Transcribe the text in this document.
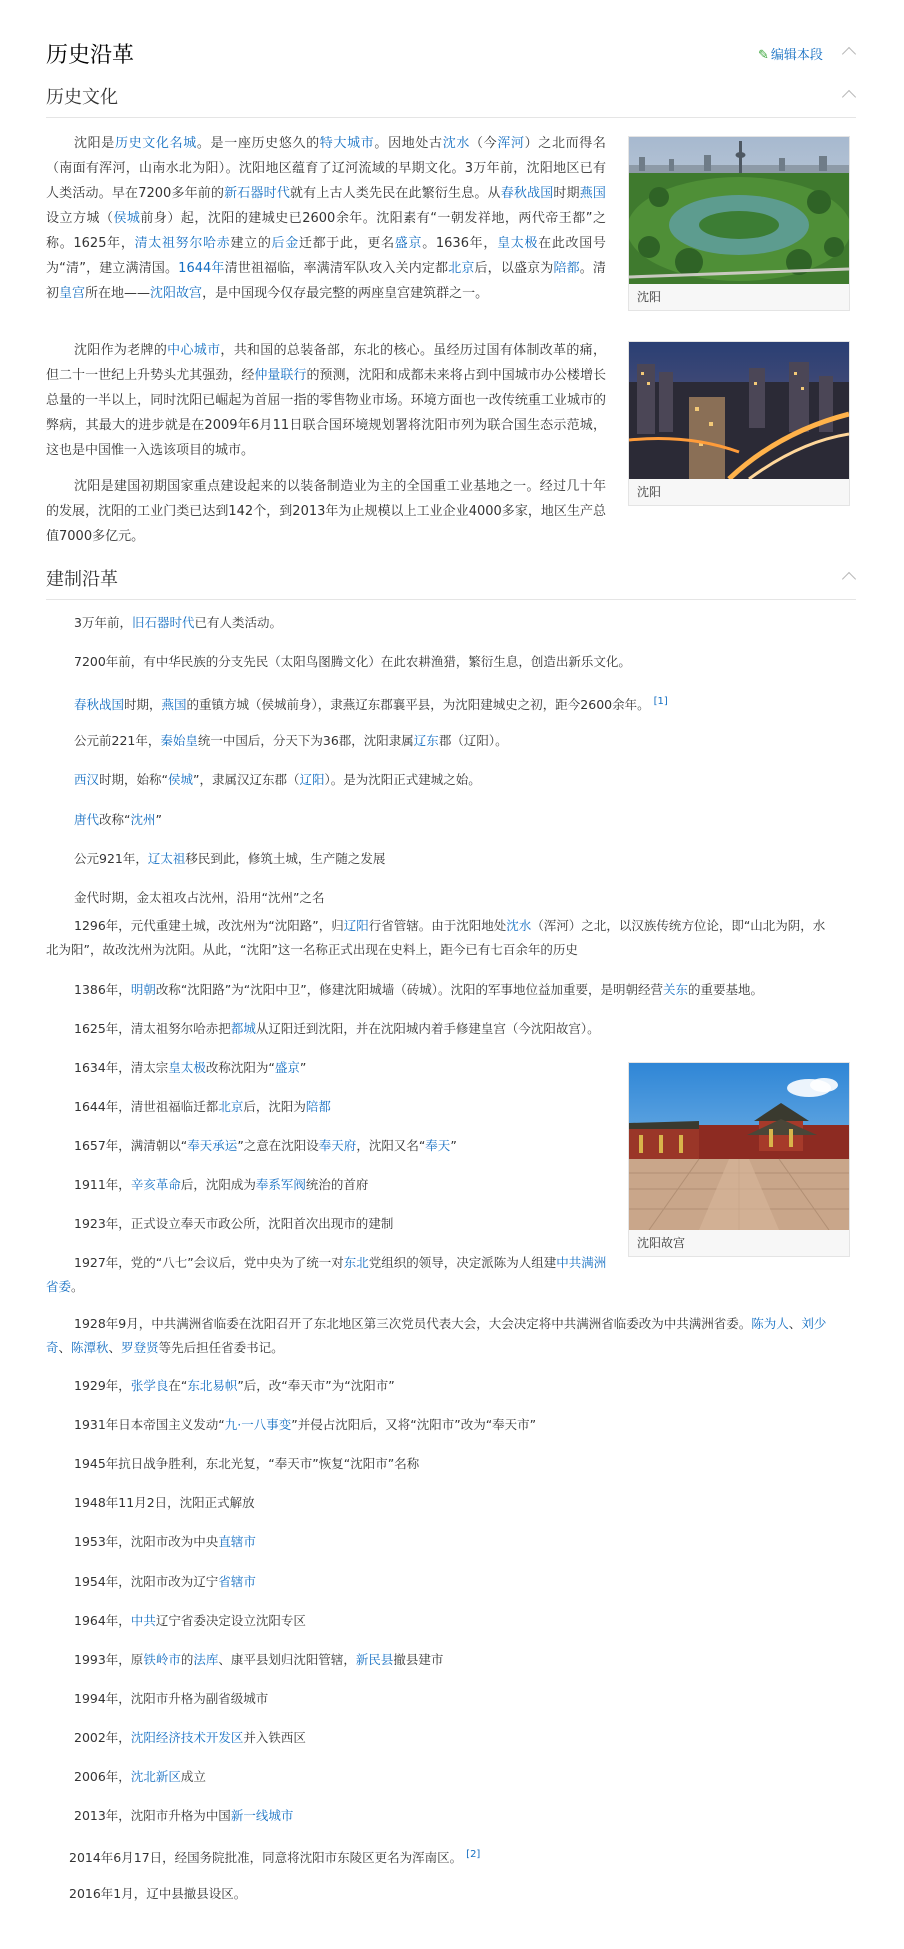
历史沿革	✎ 编辑本段
历史文化

沈阳是历史文化名城。是一座历史悠久的特大城市。因地处古沈水（今浑河）之北而得名（南面有浑河，山南水北为阳）。沈阳地区蕴育了辽河流域的早期文化。3万年前，沈阳地区已有人类活动。早在7200多年前的新石器时代就有上古人类先民在此繁衍生息。从春秋战国时期燕国设立方城（侯城前身）起，沈阳的建城史已2600余年。沈阳素有“一朝发祥地，两代帝王都”之称。1625年，清太祖努尔哈赤建立的后金迁都于此，更名盛京。1636年，皇太极在此改国号为“清”，建立满清国。1644年清世祖福临，率满清军队攻入关内定都北京后，以盛京为陪都。清初皇宫所在地——沈阳故宫，是中国现今仅存最完整的两座皇宫建筑群之一。

沈阳作为老牌的中心城市，共和国的总装备部，东北的核心。虽经历过国有体制改革的痛，但二十一世纪上升势头尤其强劲，经仲量联行的预测，沈阳和成都未来将占到中国城市办公楼增长总量的一半以上，同时沈阳已崛起为首屈一指的零售物业市场。环境方面也一改传统重工业城市的弊病，其最大的进步就是在2009年6月11日联合国环境规划署将沈阳市列为联合国生态示范城，这也是中国惟一入选该项目的城市。

沈阳是建国初期国家重点建设起来的以装备制造业为主的全国重工业基地之一。经过几十年的发展，沈阳的工业门类已达到142个，到2013年为止规模以上工业企业4000多家，地区生产总值7000多亿元。

沈阳
沈阳
建制沿革
沈阳故宫

3万年前，旧石器时代已有人类活动。

7200年前，有中华民族的分支先民（太阳鸟图腾文化）在此农耕渔猎，繁衍生息，创造出新乐文化。

春秋战国时期，燕国的重镇方城（侯城前身），隶燕辽东郡襄平县，为沈阳建城史之初，距今2600余年。 [1]

公元前221年，秦始皇统一中国后，分天下为36郡，沈阳隶属辽东郡（辽阳）。

西汉时期，始称“侯城”，隶属汉辽东郡（辽阳）。是为沈阳正式建城之始。

唐代改称“沈州”

公元921年，辽太祖移民到此，修筑土城，生产随之发展

金代时期，金太祖攻占沈州，沿用“沈州”之名

1296年，元代重建土城，改沈州为“沈阳路”，归辽阳行省管辖。由于沈阳地处沈水（浑河）之北，以汉族传统方位论，即“山北为阴，水北为阳”，故改沈州为沈阳。从此，“沈阳”这一名称正式出现在史料上，距今已有七百余年的历史

1386年，明朝改称“沈阳路”为“沈阳中卫”，修建沈阳城墙（砖城）。沈阳的军事地位益加重要，是明朝经营关东的重要基地。

1625年，清太祖努尔哈赤把都城从辽阳迁到沈阳，并在沈阳城内着手修建皇宫（今沈阳故宫）。

1634年，清太宗皇太极改称沈阳为“盛京”

1644年，清世祖福临迁都北京后，沈阳为陪都

1657年，满清朝以“奉天承运”之意在沈阳设奉天府，沈阳又名“奉天”

1911年，辛亥革命后，沈阳成为奉系军阀统治的首府

1923年，正式设立奉天市政公所，沈阳首次出现市的建制

1927年，党的“八七”会议后，党中央为了统一对东北党组织的领导，决定派陈为人组建中共满洲省委。

1928年9月，中共满洲省临委在沈阳召开了东北地区第三次党员代表大会，大会决定将中共满洲省临委改为中共满洲省委。陈为人、刘少奇、陈潭秋、罗登贤等先后担任省委书记。

1929年，张学良在“东北易帜”后，改“奉天市”为“沈阳市”

1931年日本帝国主义发动“九·一八事变”并侵占沈阳后，又将“沈阳市”改为“奉天市”

1945年抗日战争胜利，东北光复，“奉天市”恢复“沈阳市”名称

1948年11月2日，沈阳正式解放

1953年，沈阳市改为中央直辖市

1954年，沈阳市改为辽宁省辖市

1964年，中共辽宁省委决定设立沈阳专区

1993年，原铁岭市的法库、康平县划归沈阳管辖，新民县撤县建市

1994年，沈阳市升格为副省级城市

2002年，沈阳经济技术开发区并入铁西区

2006年，沈北新区成立

2013年，沈阳市升格为中国新一线城市

2014年6月17日，经国务院批准，同意将沈阳市东陵区更名为浑南区。 [2]

2016年1月，辽中县撤县设区。
